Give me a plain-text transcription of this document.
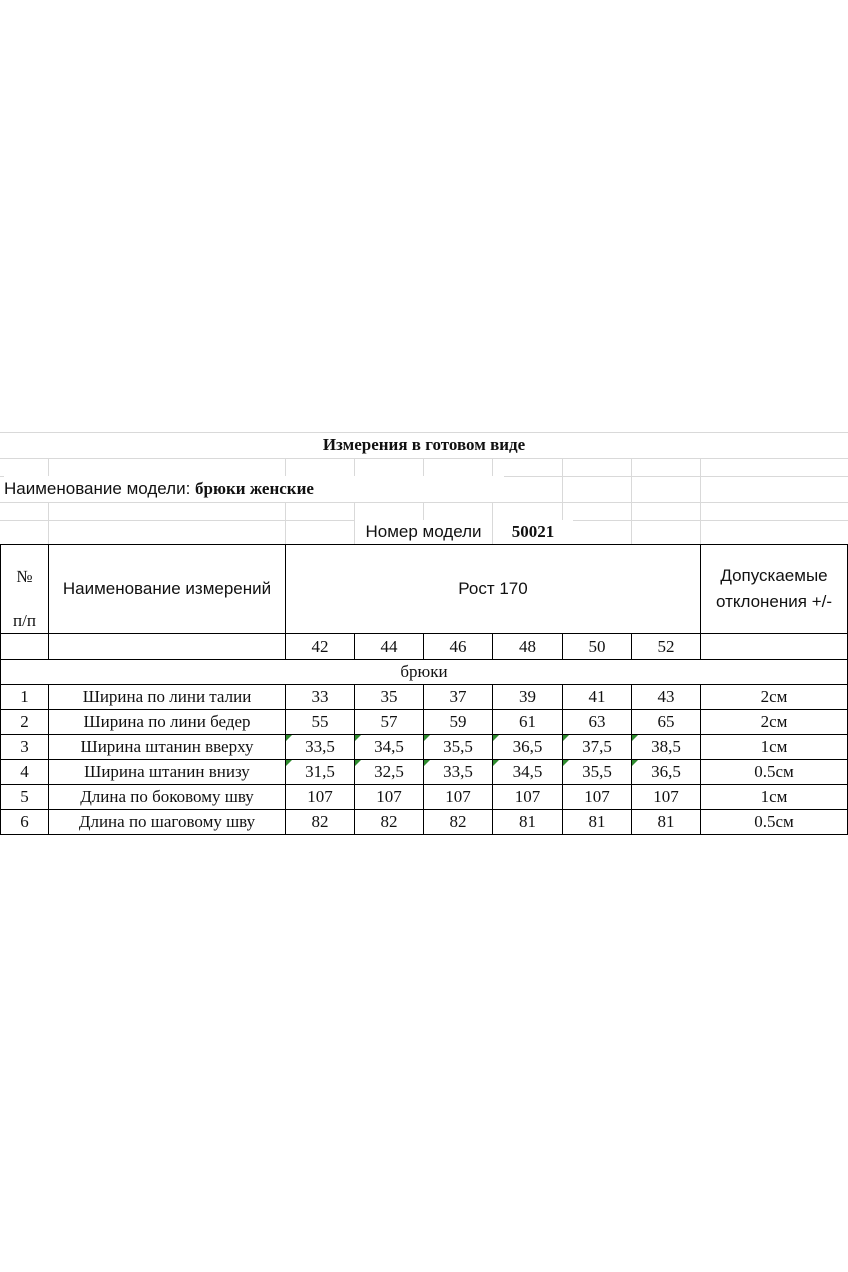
Измерения в готовом виде
Наименование модели:
брюки женские
Номер модели	50021
№
п/п
Наименование измерений	Рост 170
Допускаемые
отклонения +/-
42	44	46	48	50	52
брюки
1	Ширина по лини талии	33	35	37	39	41	43	2см
2	Ширина по лини бедер	55	57	59	61	63	65	2см
3	Ширина штанин вверху	33,5	34,5	35,5	36,5	37,5	38,5	1см
4	Ширина штанин внизу	31,5	32,5	33,5	34,5	35,5	36,5	0.5см
5	Длина по боковому шву	107	107	107	107	107	107	1см
6	Длина по шаговому шву	82	82	82	81	81	81	0.5см
